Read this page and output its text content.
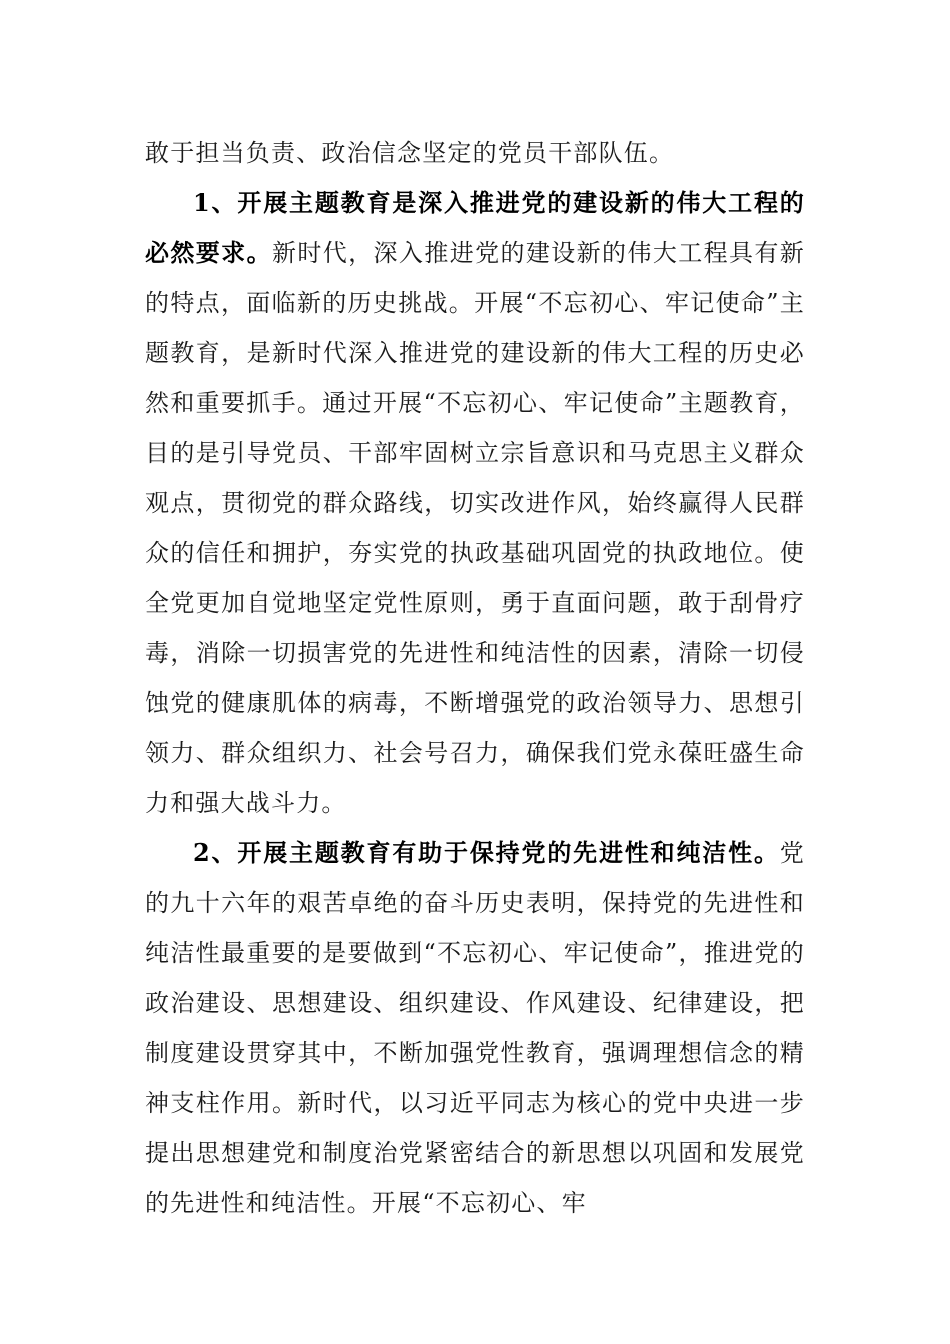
敢于担当负责、政治信念坚定的党员干部队伍。

1、开展主题教育是深入推进党的建设新的伟大工程的必然要求。新时代，深入推进党的建设新的伟大工程具有新的特点，面临新的历史挑战。开展“不忘初心、牢记使命”主题教育，是新时代深入推进党的建设新的伟大工程的历史必然和重要抓手。通过开展“不忘初心、牢记使命”主题教育，目的是引导党员、干部牢固树立宗旨意识和马克思主义群众观点，贯彻党的群众路线，切实改进作风，始终赢得人民群众的信任和拥护，夯实党的执政基础巩固党的执政地位。使全党更加自觉地坚定党性原则，勇于直面问题，敢于刮骨疗毒，消除一切损害党的先进性和纯洁性的因素，清除一切侵蚀党的健康肌体的病毒，不断增强党的政治领导力、思想引领力、群众组织力、社会号召力，确保我们党永葆旺盛生命力和强大战斗力。

2、开展主题教育有助于保持党的先进性和纯洁性。党的九十六年的艰苦卓绝的奋斗历史表明，保持党的先进性和纯洁性最重要的是要做到“不忘初心、牢记使命”，推进党的政治建设、思想建设、组织建设、作风建设、纪律建设，把制度建设贯穿其中，不断加强党性教育，强调理想信念的精神支柱作用。新时代，以习近平同志为核心的党中央进一步提出思想建党和制度治党紧密结合的新思想以巩固和发展党的先进性和纯洁性。开展“不忘初心、牢
